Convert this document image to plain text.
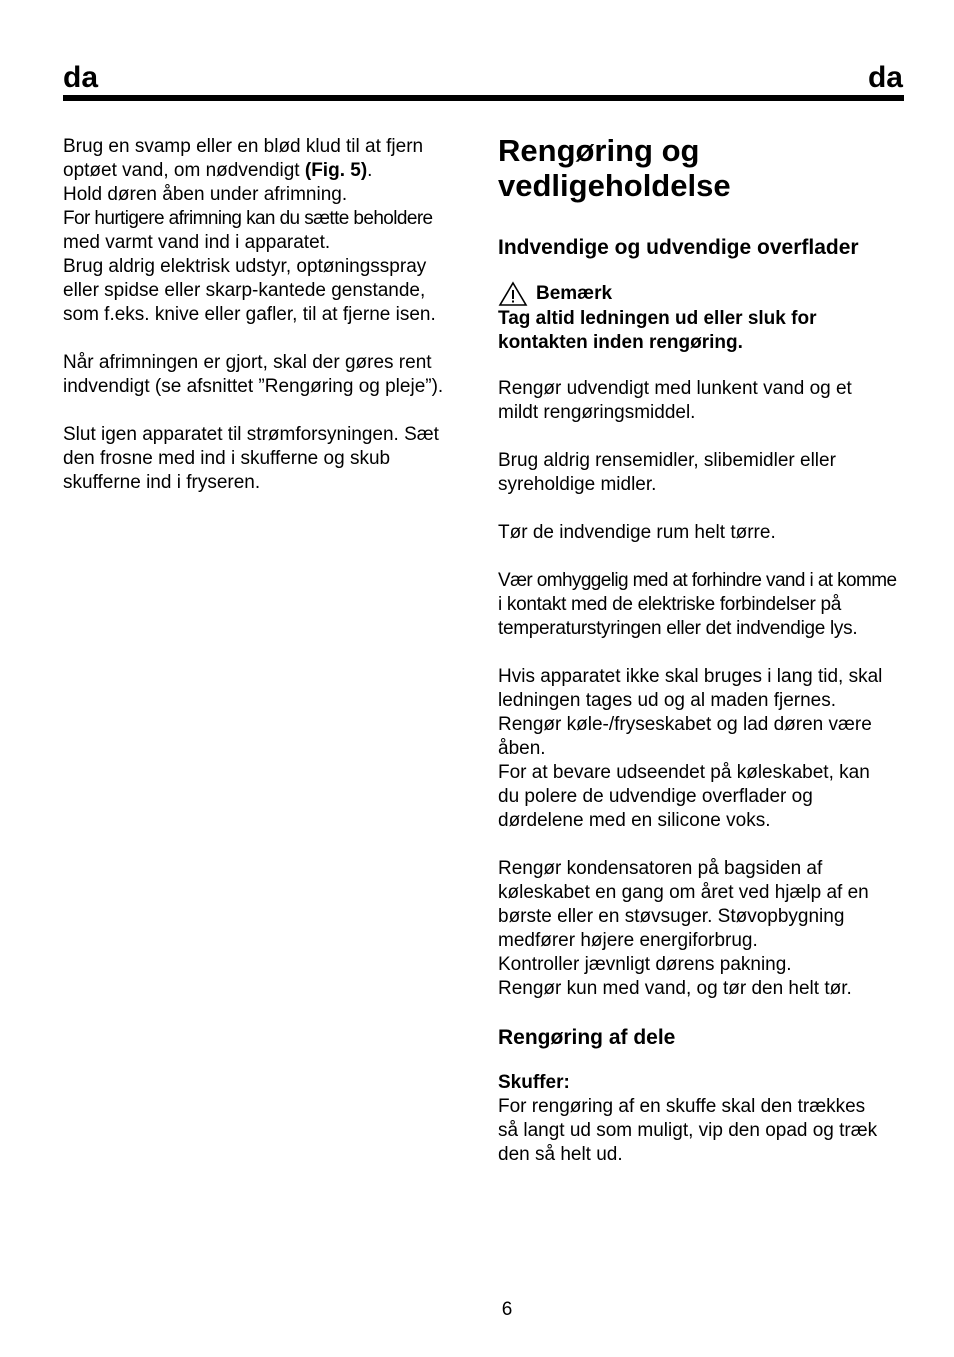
da	da
Brug en svamp eller en blød klud til at fjern
optøet vand, om nødvendigt (Fig. 5).
Hold døren åben under afrimning.
For hurtigere afrimning kan du sætte beholdere
med varmt vand ind i apparatet.
Brug aldrig elektrisk udstyr, optøningsspray
eller spidse eller skarp-kantede genstande,
som f.eks. knive eller gafler, til at fjerne isen.
Når afrimningen er gjort, skal der gøres rent
indvendigt (se afsnittet ”Rengøring og pleje”).
Slut igen apparatet til strømforsyningen. Sæt
den frosne med ind i skufferne og skub
skufferne ind i fryseren.
Rengøring og
vedligeholdelse
Indvendige og udvendige overflader
Bemærk
Tag altid ledningen ud eller sluk for
kontakten inden rengøring.
Rengør udvendigt med lunkent vand og et
mildt rengøringsmiddel.
Brug aldrig rensemidler, slibemidler eller
syreholdige midler.
Tør de indvendige rum helt tørre.
Vær omhyggelig med at forhindre vand i at komme
i kontakt med de elektriske forbindelser på
temperaturstyringen eller det indvendige lys.
Hvis apparatet ikke skal bruges i lang tid, skal
ledningen tages ud og al maden fjernes.
Rengør køle-/fryseskabet og lad døren være
åben.
For at bevare udseendet på køleskabet, kan
du polere de udvendige overflader og
dørdelene med en silicone voks.
Rengør kondensatoren på bagsiden af
køleskabet en gang om året ved hjælp af en
børste eller en støvsuger. Støvopbygning
medfører højere energiforbrug.
Kontroller jævnligt dørens pakning.
Rengør kun med vand, og tør den helt tør.
Rengøring af dele
Skuffer:
For rengøring af en skuffe skal den trækkes
så langt ud som muligt, vip den opad og træk
den så helt ud.
6
